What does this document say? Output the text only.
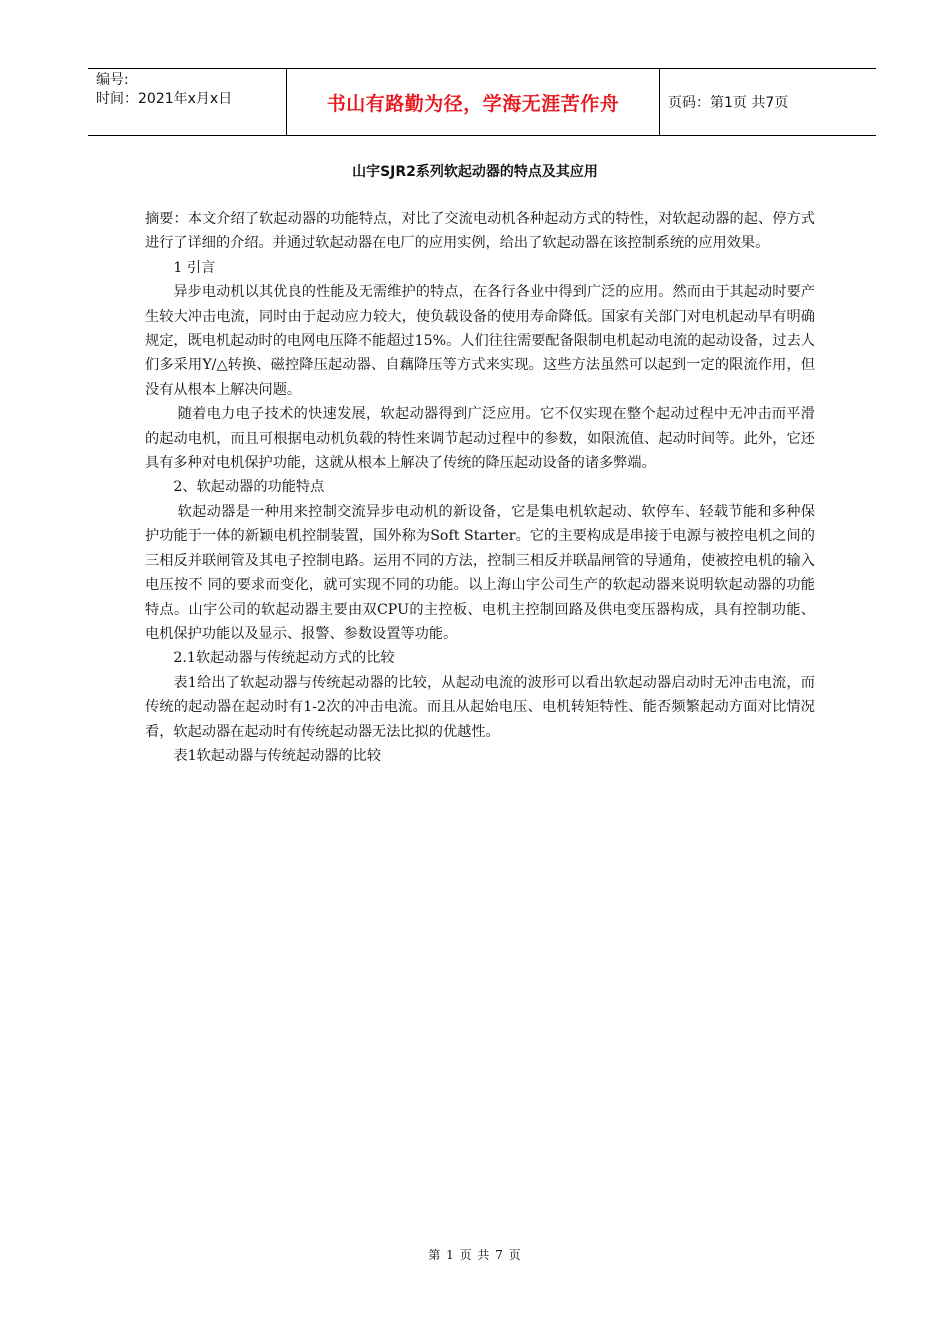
编号:
时间：2021年x月x日	书山有路勤为径，学海无涯苦作舟	页码：第1页 共7页
山宇SJR2系列软起动器的特点及其应用

摘要：本文介绍了软起动器的功能特点，对比了交流电动机各种起动方式的特性，对软起动器的起、停方式进行了详细的介绍。并通过软起动器在电厂的应用实例，给出了软起动器在该控制系统的应用效果。

1 引言

异步电动机以其优良的性能及无需维护的特点，在各行各业中得到广泛的应用。然而由于其起动时要产生较大冲击电流，同时由于起动应力较大，使负载设备的使用寿命降低。国家有关部门对电机起动早有明确规定，既电机起动时的电网电压降不能超过15%。人们往往需要配备限制电机起动电流的起动设备，过去人们多采用Y/△转换、磁控降压起动器、自藕降压等方式来实现。这些方法虽然可以起到一定的限流作用，但没有从根本上解决问题。

随着电力电子技术的快速发展，软起动器得到广泛应用。它不仅实现在整个起动过程中无冲击而平滑的起动电机，而且可根据电动机负载的特性来调节起动过程中的参数，如限流值、起动时间等。此外，它还具有多种对电机保护功能，这就从根本上解决了传统的降压起动设备的诸多弊端。

2、软起动器的功能特点

软起动器是一种用来控制交流异步电动机的新设备，它是集电机软起动、软停车、轻载节能和多种保护功能于一体的新颖电机控制装置，国外称为Soft Starter。它的主要构成是串接于电源与被控电机之间的三相反并联闸管及其电子控制电路。运用不同的方法，控制三相反并联晶闸管的导通角，使被控电机的输入电压按不 同的要求而变化，就可实现不同的功能。以上海山宇公司生产的软起动器来说明软起动器的功能特点。山宇公司的软起动器主要由双CPU的主控板、电机主控制回路及供电变压器构成，具有控制功能、电机保护功能以及显示、报警、参数设置等功能。

2.1软起动器与传统起动方式的比较

表1给出了软起动器与传统起动器的比较，从起动电流的波形可以看出软起动器启动时无冲击电流，而传统的起动器在起动时有1-2次的冲击电流。而且从起始电压、电机转矩特性、能否频繁起动方面对比情况看，软起动器在起动时有传统起动器无法比拟的优越性。

表1软起动器与传统起动器的比较

第 1 页 共 7 页
